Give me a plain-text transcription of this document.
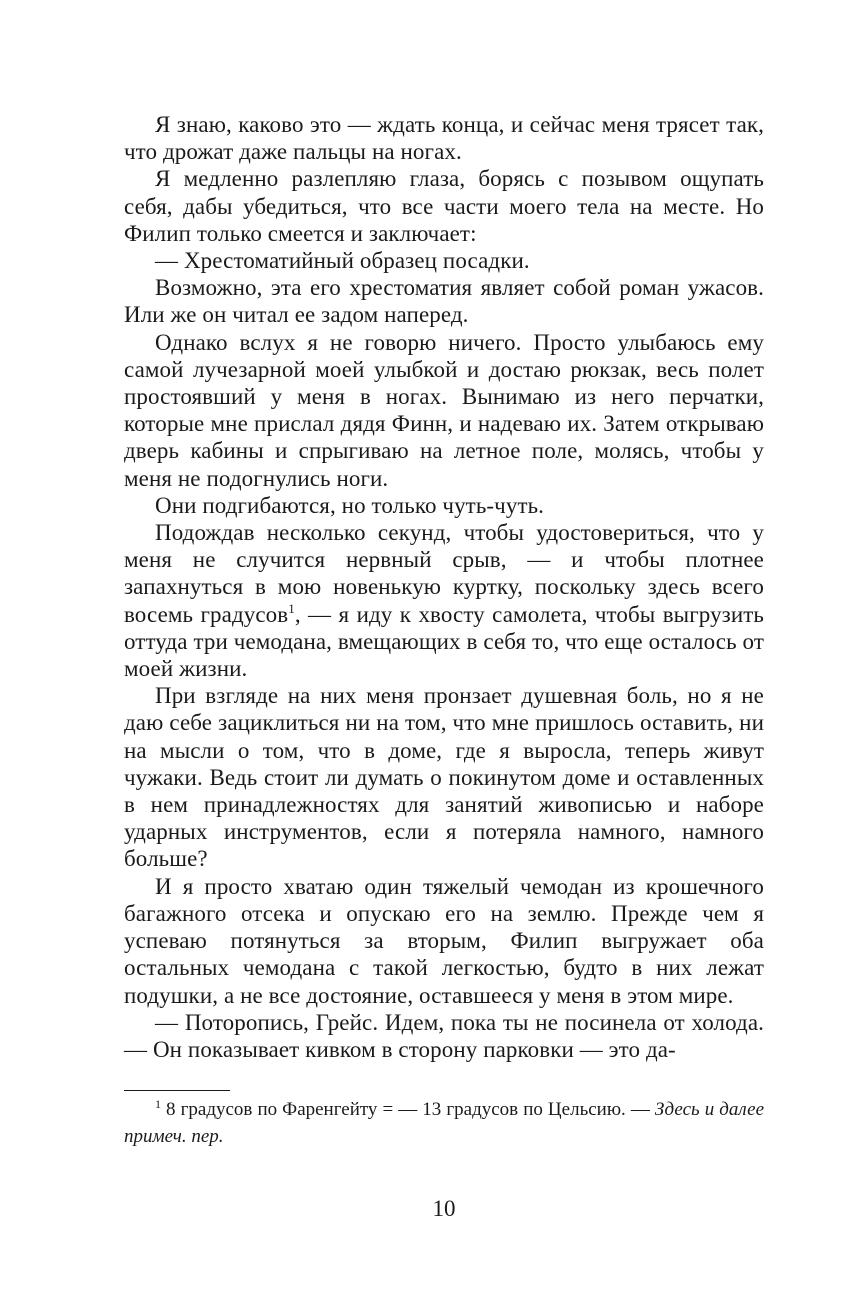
Я знаю, каково это — ждать конца, и сейчас меня трясет так, что дрожат даже пальцы на ногах.

Я медленно разлепляю глаза, борясь с позывом ощупать себя, дабы убедиться, что все части моего тела на месте. Но Филип только смеется и заключает:

— Хрестоматийный образец посадки.

Возможно, эта его хрестоматия являет собой роман ужасов. Или же он читал ее задом наперед.

Однако вслух я не говорю ничего. Просто улыбаюсь ему самой лучезарной моей улыбкой и достаю рюкзак, весь полет простоявший у меня в ногах. Вынимаю из него перчатки, которые мне прислал дядя Финн, и надеваю их. Затем открываю дверь кабины и спрыгиваю на летное поле, молясь, чтобы у меня не подогнулись ноги.

Они подгибаются, но только чуть-чуть.

Подождав несколько секунд, чтобы удостовериться, что у меня не случится нервный срыв, — и чтобы плотнее запахнуться в мою новенькую куртку, поскольку здесь всего восемь градусов$^1$, — я иду к хвосту самолета, чтобы выгрузить оттуда три чемодана, вмещающих в себя то, что еще осталось от моей жизни.

При взгляде на них меня пронзает душевная боль, но я не даю себе зациклиться ни на том, что мне пришлось оставить, ни на мысли о том, что в доме, где я выросла, теперь живут чужаки. Ведь стоит ли думать о покинутом доме и оставленных в нем принадлежностях для занятий живописью и наборе ударных инструментов, если я потеряла намного, намного больше?

И я просто хватаю один тяжелый чемодан из крошечного багажного отсека и опускаю его на землю. Прежде чем я успеваю потянуться за вторым, Филип выгружает оба остальных чемодана с такой легкостью, будто в них лежат подушки, а не все достояние, оставшееся у меня в этом мире.

— Поторопись, Грейс. Идем, пока ты не посинела от холода. — Он показывает кивком в сторону парковки — это да-

$^1$ 8 градусов по Фаренгейту = — 13 градусов по Цельсию. — Здесь и далее примеч. пер.

10
